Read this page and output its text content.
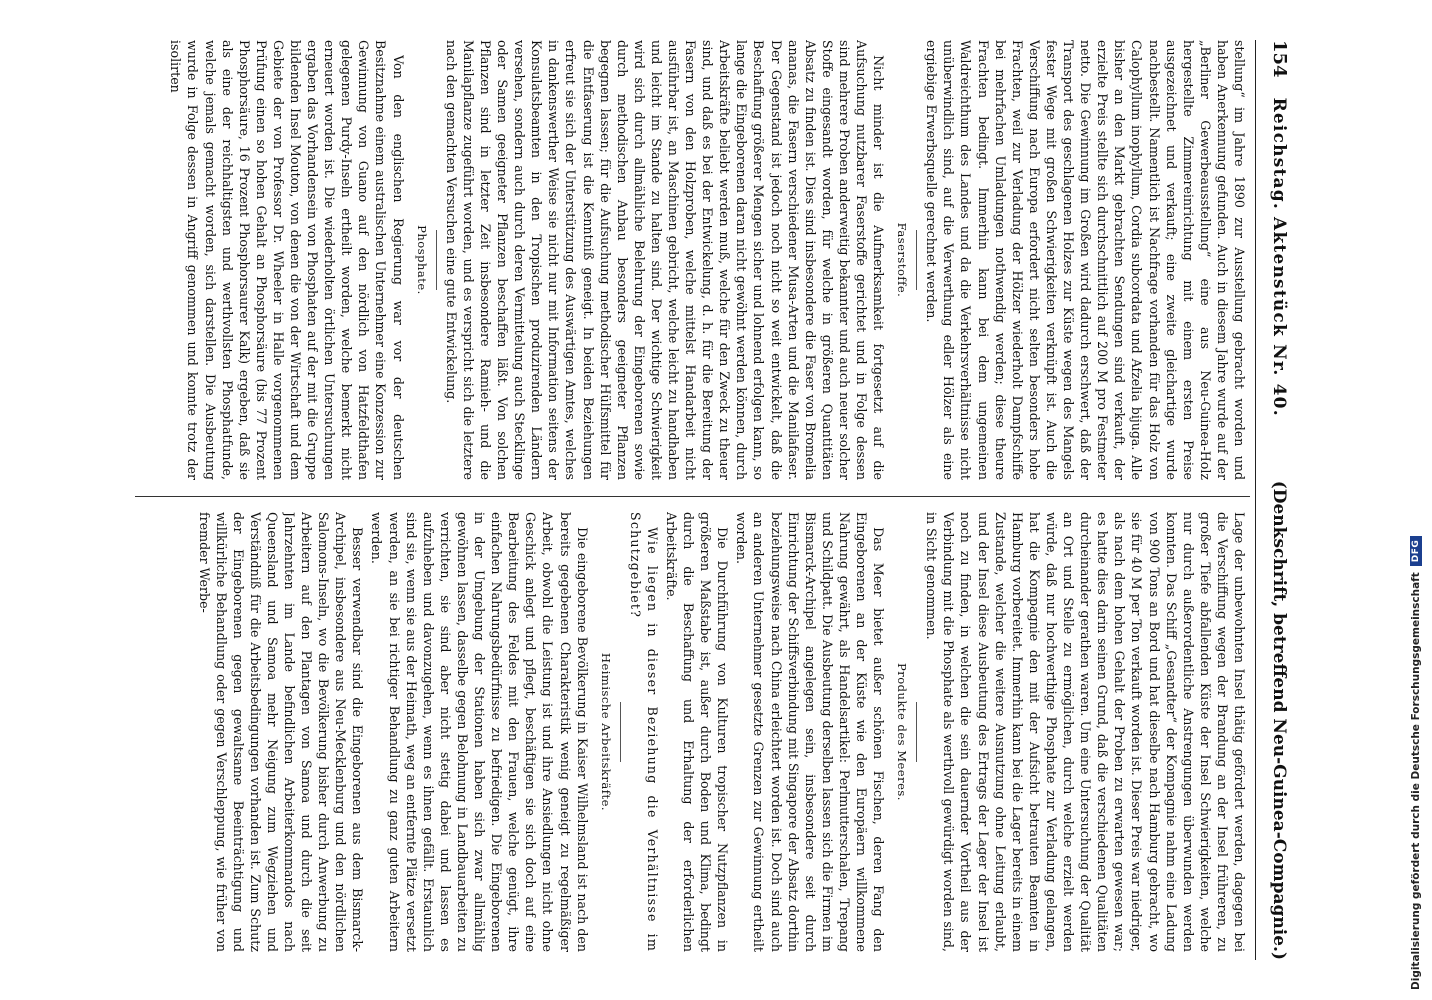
154
Reichstag. Aktenstück Nr. 40.
(Denkschrift, betreffend Neu-Guinea-Compagnie.)

stellung“ im Jahre 1890 zur Ausstellung gebracht worden und haben Anerkennung gefunden. Auch in diesem Jahre wurde auf der „Berliner Gewerbeausstellung“ eine aus Neu-Guinea-Holz hergestellte Zimmereinrichtung mit einem ersten Preise ausgezeichnet und verkauft; eine zweite gleichartige wurde nachbestellt. Namentlich ist Nachfrage vorhanden für das Holz von Calophyllum inophyllum, Cordia subcordata und Afzelia bijuga. Alle bisher an den Markt gebrachten Sendungen sind verkauft, der erzielte Preis stellte sich durchschnittlich auf 200 M pro Festmeter netto. Die Gewinnung im Großen wird dadurch erschwert, daß der Transport des geschlagenen Holzes zur Küste wegen des Mangels fester Wege mit großen Schwierigkeiten verknüpft ist. Auch die Verschiffung nach Europa erfordert nicht selten besonders hohe Frachten, weil zur Verladung der Hölzer wiederholt Dampfschiffe bei mehrfachen Umladungen nothwendig werden; diese theure Frachten bedingt. Immerhin kann bei dem ungemeinen Waldreichthum des Landes und da die Verkehrsverhältnisse nicht unüberwindlich sind, auf die Verwerthung edler Hölzer als eine ergiebige Erwerbsquelle gerechnet werden.

Faserstoffe.

Nicht minder ist die Aufmerksamkeit fortgesetzt auf die Aufsuchung nutzbarer Faserstoffe gerichtet und in Folge dessen sind mehrere Proben anderweitig bekannter und auch neuer solcher Stoffe eingesandt worden, für welche in größeren Quantitäten Absatz zu finden ist. Dies sind insbesondere die Faser von Bromelia ananas, die Fasern verschiedener Musa-Arten und die Manilafaser. Der Gegenstand ist jedoch noch nicht so weit entwickelt, daß die Beschaffung größerer Mengen sicher und lohnend erfolgen kann, so lange die Eingeborenen daran nicht gewöhnt werden können, durch Arbeitskräfte beliebt werden muß, welche für den Zweck zu theuer sind, und daß es bei der Entwickelung, d. h. für die Bereitung der Fasern von den Holzproben, welche mittelst Handarbeit nicht ausführbar ist, an Maschinen gebricht, welche leicht zu handhaben und leicht im Stande zu halten sind. Der wichtige Schwierigkeit wird sich durch allmähliche Belehrung der Eingeborenen sowie durch methodischen Anbau besonders geeigneter Pflanzen begegnen lassen; für die Aufsuchung methodischer Hülfsmittel für die Entfaserung ist die Kenntniß geneigt. In beiden Beziehungen erfreut sie sich der Unterstützung des Auswärtigen Amtes, welches in dankenswerther Weise sie nicht nur mit Information seitens der Konsulatsbeamten in den Tropischen produzirenden Ländern versehen, sondern auch durch deren Vermittelung auch Stecklinge oder Samen geeigneter Pflanzen beschaffen läßt. Von solchen Pflanzen sind in letzter Zeit insbesondere Ramieh- und die Manilapflanze zugeführt worden, und es verspricht sich die letztere nach den gemachten Versuchen eine gute Entwickelung.

Phosphate.

Von den englischen Regierung war vor der deutschen Besitznahme einem australischen Unternehmer eine Konzession zur Gewinnung von Guano auf den nördlich von Hatzfeldthafen gelegenen Purdy-Inseln ertheilt worden, welche bemerkt nicht erneuert worden ist. Die wiederholten örtlichen Untersuchungen ergaben das Vorhandensein von Phosphaten auf der mit die Gruppe bildenden Insel Mouton, von denen die von der Wirtschaft und dem Gebiete der von Professor Dr. Wheeler in Halle vorgenommenen Prüfung einen so hohen Gehalt an Phosphorsäure (bis 77 Prozent Phosphorsäure, 16 Prozent Phosphorsaurer Kalk) ergeben, daß sie als eine der reichhaltigsten und werthvollsten Phosphatfunde, welche jemals gemacht worden, sich darstellen. Die Ausbeutung wurde in Folge dessen in Angriff genommen und konnte trotz der isolirten

Lage der unbewohnten Insel thätig gefördert werden, dagegen bei die Verschiffung wegen der Brandung an der Insel frühreren, zu großer Tiefe abfallenden Küste der Insel Schwierigkeiten, welche nur durch außerordentliche Anstrengungen überwunden werden konnten. Das Schiff „Gesandter“ der Kompagnie nahm eine Ladung von 900 Tons an Bord und hat dieselbe nach Hamburg gebracht, wo sie für 40 M per Ton verkauft worden ist. Dieser Preis war niedriger, als nach dem hohen Gehalt der Proben zu erwarten gewesen war; es hatte dies darin seinen Grund, daß die verschiedenen Qualitäten durcheinander gerathen waren. Um eine Untersuchung der Qualität an Ort und Stelle zu ermöglichen, durch welche erzielt werden würde, daß nur hochwerthige Phosphate zur Verladung gelangen, hat die Kompagnie den mit der Aufsicht betrauten Beamten in Hamburg vorbereitet. Immerhin kann bei die Lager bereits in einem Zustande, welcher die weitere Ausnutzung ohne Leitung erlaubt, und der Insel diese Ausbeutung des Ertrags der Lager der Insel ist noch zu finden, in welchen die sein dauernder Vortheil aus der Verbindung mit die Phosphate als werthvoll gewürdigt worden sind, in Sicht genommen.

Produkte des Meeres.

Das Meer bietet außer schönen Fischen, deren Fang den Eingeborenen an der Küste wie den Europäern willkommene Nahrung gewährt, als Handelsartikel: Perlmutterschalen, Trepang und Schildpatt. Die Ausbeutung derselben lassen sich die Firmen im Bismarck-Archipel angelegen sein, insbesondere seit durch Einrichtung der Schiffsverbindung mit Singapore der Absatz dorthin beziehungsweise nach China erleichtert worden ist. Doch sind auch an anderen Unternehmer gesetzte Grenzen zur Gewinnung ertheilt worden.

Die Durchführung von Kulturen tropischer Nutzpflanzen in größeren Maßstabe ist, außer durch Boden und Klima, bedingt durch die Beschaffung und Erhaltung der erforderlichen Arbeitskräfte.

Wie liegen in dieser Beziehung die Verhältnisse im Schutzgebiet?

Heimische Arbeitskräfte.

Die eingeborene Bevölkerung in Kaiser Wilhelmsland ist nach den bereits gegebenen Charakteristik wenig geneigt zu regelmäßiger Arbeit, obwohl die Leistung ist und ihre Ansiedlungen nicht ohne Geschick anlegt und pflegt, beschäftigen sie sich doch auf eine Bearbeitung des Feldes mit den Frauen, welche genügt, ihre einfachen Nahrungsbedürfnisse zu befriedigen. Die Eingeborenen in der Umgebung der Stationen haben sich zwar allmählig gewöhnen lassen, dasselbe gegen Belohnung in Landbauarbeiten zu verrichten, sie sind aber nicht stetig dabei und lassen es aufzuheben und davonzugehen, wenn es ihnen gefällt. Erstaunlich sind sie, wenn sie aus der Heimath, weg an entfernte Plätze versetzt werden, an sie bei richtiger Behandlung zu ganz guten Arbeitern werden.

Besser verwendbar sind die Eingeborenen aus dem Bismarck-Archipel, insbesondere aus Neu-Mecklenburg und den nördlichen Salomons-Inseln, wo die Bevölkerung bisher durch Anwerbung zu Arbeitern auf den Plantagen von Samoa und durch die seit Jahrzehnten im Lande befindlichen Arbeiterkommandos nach Queensland und Samoa mehr Neigung zum Wegziehen und Verständniß für die Arbeitsbedingungen vorhanden ist. Zum Schutz der Eingeborenen gegen gewaltsame Beeinträchtigung und willkürliche Behandlung oder gegen Verschleppung, wie früher von fremder Werbe-

Digitalisierung gefördert durch die Deutsche Forschungsgemeinschaft
DFG
